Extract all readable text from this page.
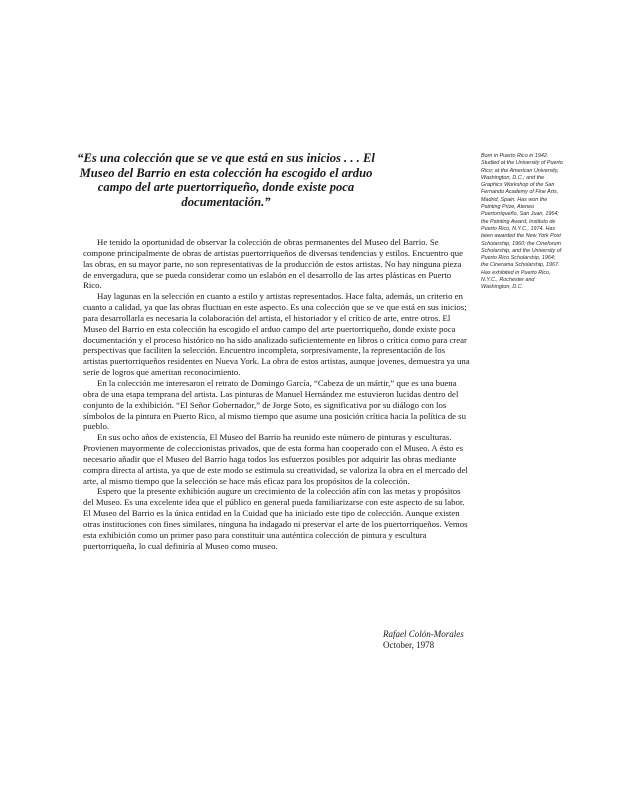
“Es una colección que se ve que está en sus inicios . . . El Museo del Barrio en esta colección ha escogido el arduo campo del arte puertorriqueño, donde existe poca documentación.”

Born in Puerto Rico in 1942. Studied at the University of Puerto Rico; at the American University, Washington, D.C.; and the Graphics Workshop of the San Fernando Academy of Fine Arts, Madrid, Spain. Has won the Painting Prize, Ateneo Puertorriqueño, San Juan, 1964; the Painting Award, Instituto de Puerto Rico, N.Y.C., 1974. Has been awarded the New York Post Scholarship, 1960; the Cineforum Scholarship, and the University of Puerto Rico Scholarship, 1964; the Cinerama Scholarship, 1967. Has exhibited in Puerto Rico, N.Y.C., Rochester and Washington, D.C.

He tenido la oportunidad de observar la colección de obras permanentes del Museo del Barrio. Se compone principalmente de obras de artistas puertorriqueños de diversas tendencias y estilos. Encuentro que las obras, en su mayor parte, no son representativas de la producción de estos artistas. No hay ninguna pieza de envergadura, que se pueda considerar como un eslabón en el desarrollo de las artes plásticas en Puerto Rico.

Hay lagunas en la selección en cuanto a estilo y artistas representados. Hace falta, además, un criterio en cuanto a calidad, ya que las obras fluctuan en este aspecto. Es una colección que se ve que está en sus inicios; para desarrollarla es necesaria la colaboración del artista, el historiador y el crítico de arte, entre otros. El Museo del Barrio en esta colección ha escogido el arduo campo del arte puertorriqueño, donde existe poca documentación y el proceso histórico no ha sido analizado suficientemente en libros o crítica como para crear perspectivas que faciliten la selección. Encuentro incompleta, sorpresivamente, la representación de los artistas puertorriqueños residentes en Nueva York. La obra de estos artistas, aunque jovenes, demuestra ya una serie de logros que ameritan reconocimiento.

En la colección me interesaron el retrato de Domingo García, “Cabeza de un mártir,” que es una buena obra de una etapa temprana del artista. Las pinturas de Manuel Hernández me estuvieron lucidas dentro del conjunto de la exhibición. “El Señor Gobernador,” de Jorge Soto, es significativa por su diálogo con los símbolos de la pintura en Puerto Rico, al mismo tiempo que asume una posición crítica hacia la política de su pueblo.

En sus ocho años de existencia, El Museo del Barrio ha reunido este número de pinturas y esculturas. Provienen mayormente de coleccionistas privados, que de esta forma han cooperado con el Museo. A ésto es necesario añadir que el Museo del Barrio haga todos los esfuerzos posibles por adquirir las obras mediante compra directa al artista, ya que de este modo se estimula su creatividad, se valoriza la obra en el mercado del arte, al mismo tiempo que la selección se hace más eficaz para los propósitos de la colección.

Espero que la presente exhibición augure un crecimiento de la colección afín con las metas y propósitos del Museo. Es una excelente idea que el público en general pueda familiarizarse con este aspecto de su labor. El Museo del Barrio es la única entidad en la Cuidad que ha iniciado este tipo de colección. Aunque existen otras instituciones con fines similares, ninguna ha indagado ni preservar el arte de los puertorriqueños. Vemos esta exhibición como un primer paso para constituir una auténtica colección de pintura y escultura puertorriqueña, lo cual definiría al Museo como museo.

Rafael Colón-Morales
October, 1978
